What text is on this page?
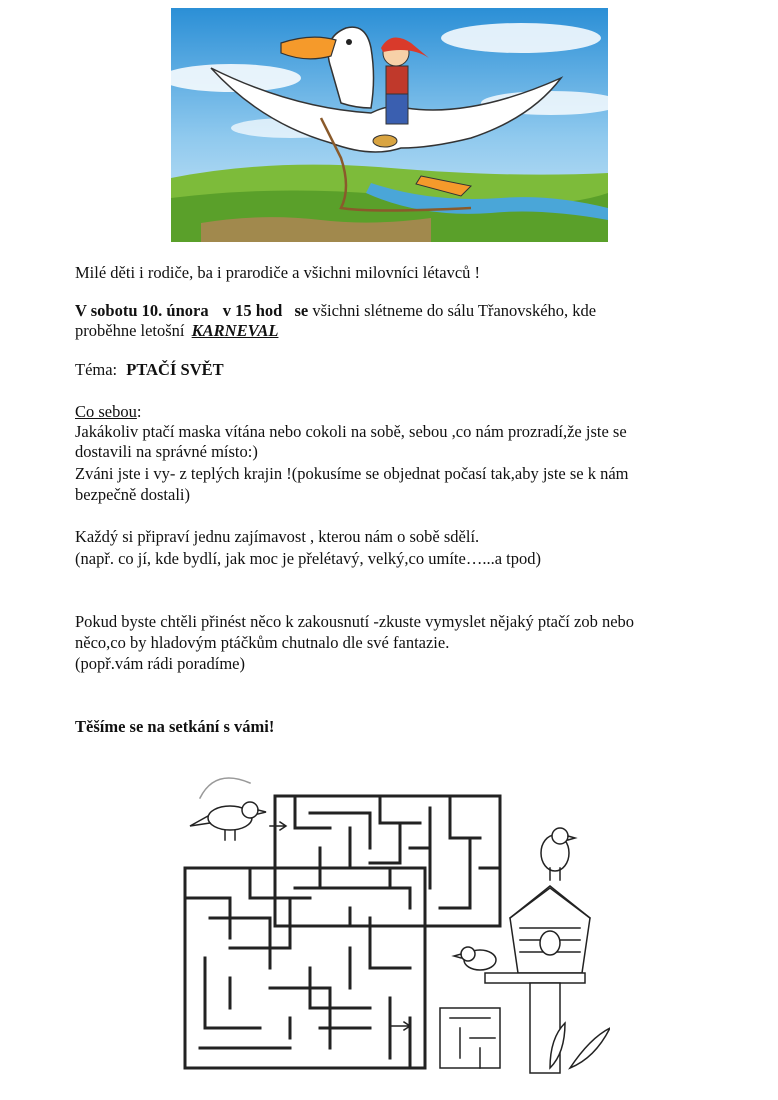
Milé děti i rodiče, ba i prarodiče a všichni milovníci létavců !
V sobotu 10. února v 15 hod se všichni slétneme do sálu Třanovského, kde
proběhne letošní KARNEVAL
Téma: PTAČÍ SVĚT
Co sebou:
Jakákoliv ptačí maska vítána nebo cokoli na sobě, sebou ,co nám prozradí,že jste se
dostavili na správné místo:)
Zváni jste i vy- z teplých krajin !(pokusíme se objednat počasí tak,aby jste se k nám
bezpečně dostali)
Každý si připraví jednu zajímavost , kterou nám o sobě sdělí.
(např. co jí, kde bydlí, jak moc je přelétavý, velký,co umíte…...a tpod)
Pokud byste chtěli přinést něco k zakousnutí -zkuste vymyslet nějaký ptačí zob nebo
něco,co by hladovým ptáčkům chutnalo dle své fantazie.
(popř.vám rádi poradíme)
Těšíme se na setkání s vámi!
